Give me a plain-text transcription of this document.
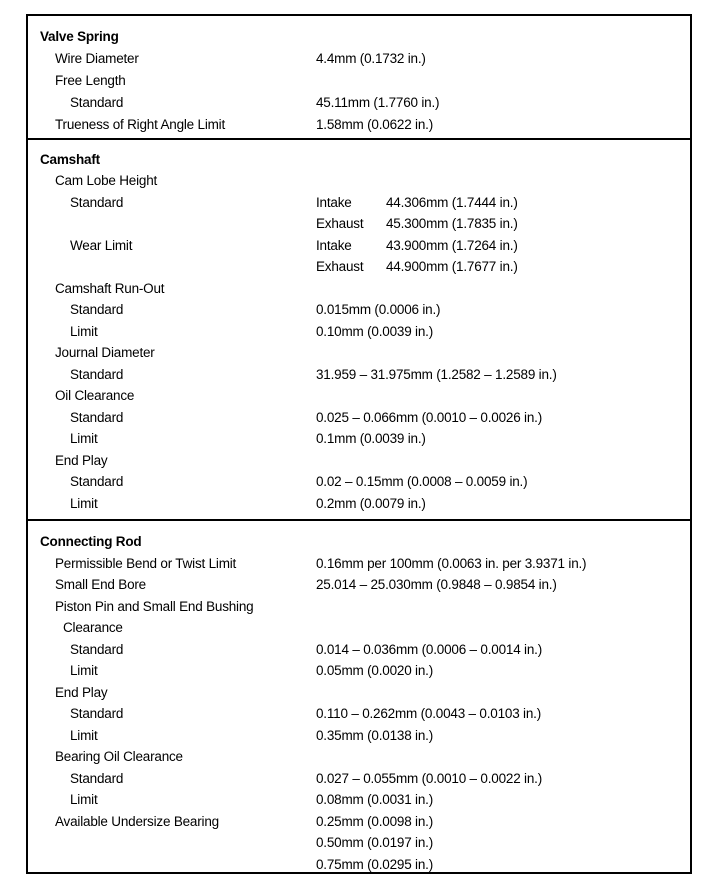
Valve Spring
Wire Diameter	4.4mm (0.1732 in.)
Free Length
Standard	45.11mm (1.7760 in.)
Trueness of Right Angle Limit	1.58mm (0.0622 in.)
Camshaft
Cam Lobe Height
Standard	Intake	44.306mm (1.7444 in.)
Exhaust 45.300mm (1.7835 in.)
Wear Limit	Intake	43.900mm (1.7264 in.)
Exhaust 44.900mm (1.7677 in.)
Camshaft Run-Out
Standard	0.015mm (0.0006 in.)
Limit	0.10mm (0.0039 in.)
Journal Diameter
Standard	31.959 – 31.975mm (1.2582 – 1.2589 in.)
Oil Clearance
Standard	0.025 – 0.066mm (0.0010 – 0.0026 in.)
Limit	0.1mm (0.0039 in.)
End Play
Standard	0.02 – 0.15mm (0.0008 – 0.0059 in.)
Limit	0.2mm (0.0079 in.)
Connecting Rod
Permissible Bend or Twist Limit	0.16mm per 100mm (0.0063 in. per 3.9371 in.)
Small End Bore	25.014 – 25.030mm (0.9848 – 0.9854 in.)
Piston Pin and Small End Bushing
Clearance
Standard	0.014 – 0.036mm (0.0006 – 0.0014 in.)
Limit	0.05mm (0.0020 in.)
End Play
Standard	0.110 – 0.262mm (0.0043 – 0.0103 in.)
Limit	0.35mm (0.0138 in.)
Bearing Oil Clearance
Standard	0.027 – 0.055mm (0.0010 – 0.0022 in.)
Limit	0.08mm (0.0031 in.)
Available Undersize Bearing	0.25mm (0.0098 in.)
0.50mm (0.0197 in.)
0.75mm (0.0295 in.)
